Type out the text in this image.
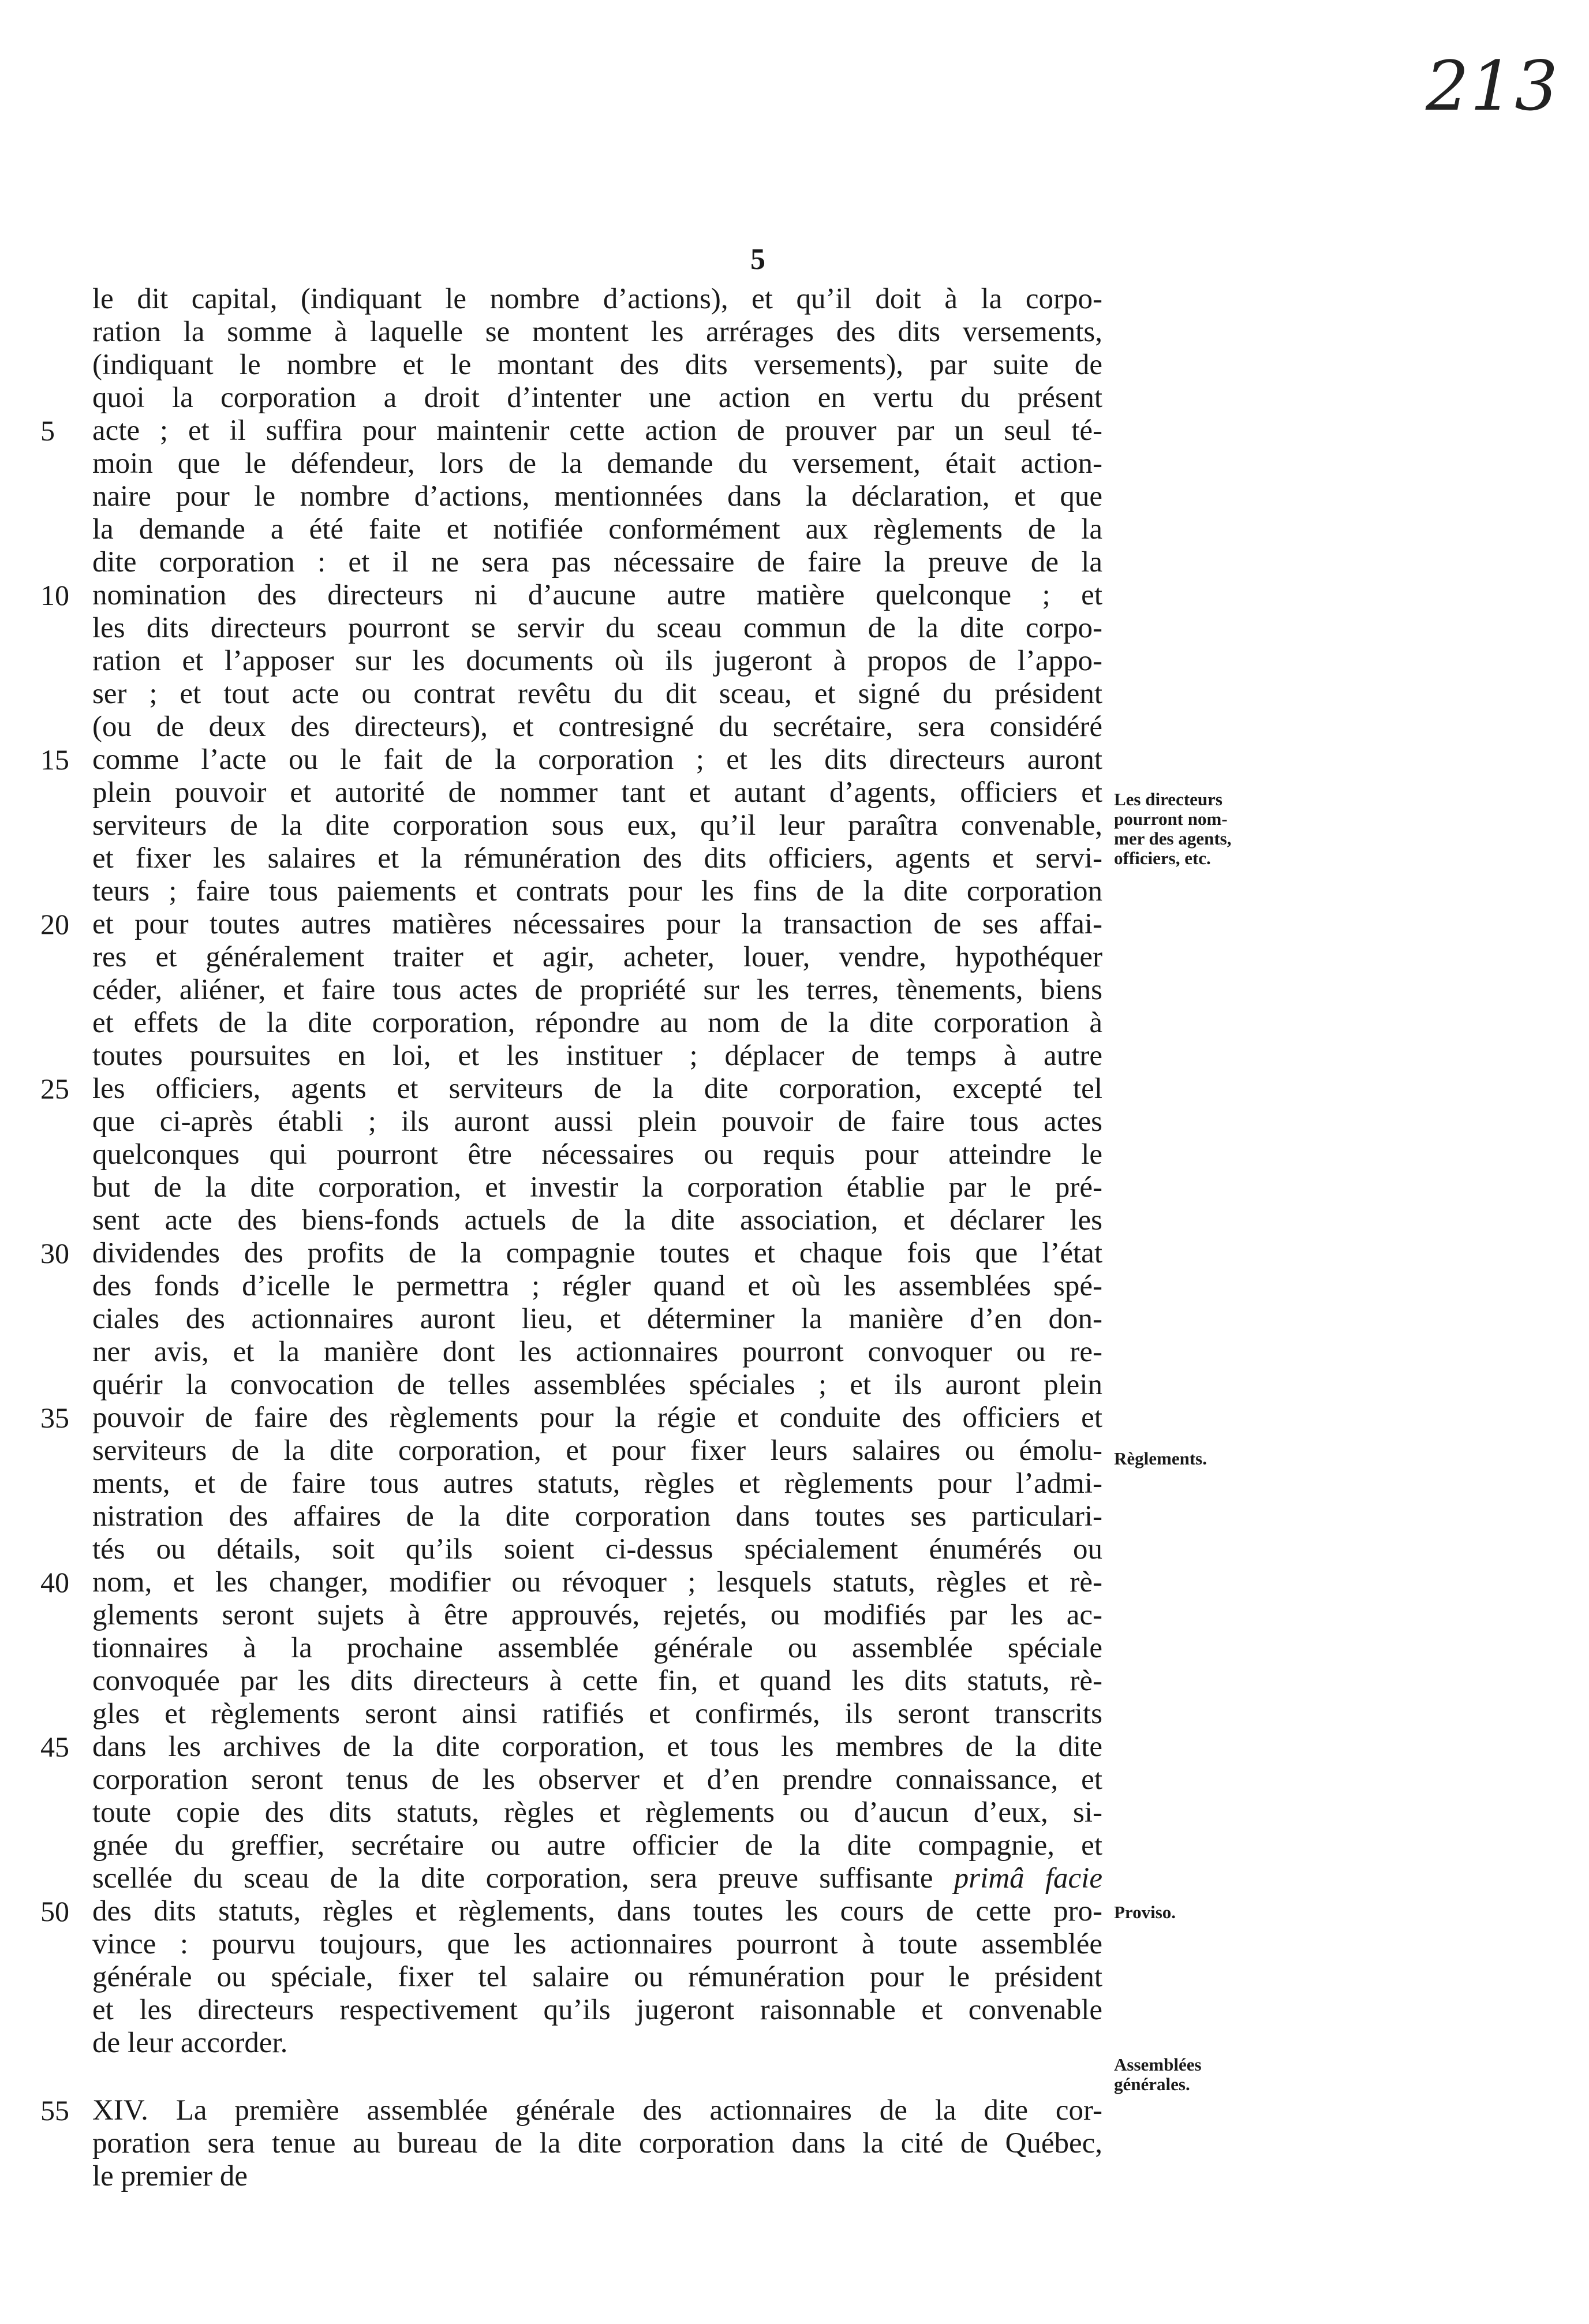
213
5
le dit capital, (indiquant le nombre d’actions), et qu’il doit à la corpo-
ration la somme à laquelle se montent les arrérages des dits versements,
(indiquant le nombre et le montant des dits versements), par suite de
quoi la corporation a droit d’intenter une action en vertu du présent
acte ; et il suffira pour maintenir cette action de prouver par un seul té-
moin que le défendeur, lors de la demande du versement, était action-
naire pour le nombre d’actions, mentionnées dans la déclaration, et que
la demande a été faite et notifiée conformément aux règlements de la
dite corporation : et il ne sera pas nécessaire de faire la preuve de la
nomination des directeurs ni d’aucune autre matière quelconque ; et
les dits directeurs pourront se servir du sceau commun de la dite corpo-
ration et l’apposer sur les documents où ils jugeront à propos de l’appo-
ser ; et tout acte ou contrat revêtu du dit sceau, et signé du président
(ou de deux des directeurs), et contresigné du secrétaire, sera considéré
comme l’acte ou le fait de la corporation ; et les dits directeurs auront
plein pouvoir et autorité de nommer tant et autant d’agents, officiers et
serviteurs de la dite corporation sous eux, qu’il leur paraîtra convenable,
et fixer les salaires et la rémunération des dits officiers, agents et servi-
teurs ; faire tous paiements et contrats pour les fins de la dite corporation
et pour toutes autres matières nécessaires pour la transaction de ses affai-
res et généralement traiter et agir, acheter, louer, vendre, hypothéquer
céder, aliéner, et faire tous actes de propriété sur les terres, tènements, biens
et effets de la dite corporation, répondre au nom de la dite corporation à
toutes poursuites en loi, et les instituer ; déplacer de temps à autre
les officiers, agents et serviteurs de la dite corporation, excepté tel
que ci-après établi ; ils auront aussi plein pouvoir de faire tous actes
quelconques qui pourront être nécessaires ou requis pour atteindre le
but de la dite corporation, et investir la corporation établie par le pré-
sent acte des biens-fonds actuels de la dite association, et déclarer les
dividendes des profits de la compagnie toutes et chaque fois que l’état
des fonds d’icelle le permettra ; régler quand et où les assemblées spé-
ciales des actionnaires auront lieu, et déterminer la manière d’en don-
ner avis, et la manière dont les actionnaires pourront convoquer ou re-
quérir la convocation de telles assemblées spéciales ; et ils auront plein
pouvoir de faire des règlements pour la régie et conduite des officiers et
serviteurs de la dite corporation, et pour fixer leurs salaires ou émolu-
ments, et de faire tous autres statuts, règles et règlements pour l’admi-
nistration des affaires de la dite corporation dans toutes ses particulari-
tés ou détails, soit qu’ils soient ci-dessus spécialement énumérés ou
nom, et les changer, modifier ou révoquer ; lesquels statuts, règles et rè-
glements seront sujets à être approuvés, rejetés, ou modifiés par les ac-
tionnaires à la prochaine assemblée générale ou assemblée spéciale
convoquée par les dits directeurs à cette fin, et quand les dits statuts, rè-
gles et règlements seront ainsi ratifiés et confirmés, ils seront transcrits
dans les archives de la dite corporation, et tous les membres de la dite
corporation seront tenus de les observer et d’en prendre connaissance, et
toute copie des dits statuts, règles et règlements ou d’aucun d’eux, si-
gnée du greffier, secrétaire ou autre officier de la dite compagnie, et
scellée du sceau de la dite corporation, sera preuve suffisante primâ facie
des dits statuts, règles et règlements, dans toutes les cours de cette pro-
vince : pourvu toujours, que les actionnaires pourront à toute assemblée
générale ou spéciale, fixer tel salaire ou rémunération pour le président
et les directeurs respectivement qu’ils jugeront raisonnable et convenable
de leur accorder.
XIV. La première assemblée générale des actionnaires de la dite cor-
poration sera tenue au bureau de la dite corporation dans la cité de Québec,
le premier de
5
10
15
20
25
30
35
40
45
50
55
Les directeurs
pourront nom-
mer des agents,
officiers, etc.
Règlements.
Proviso.
Assemblées
générales.
